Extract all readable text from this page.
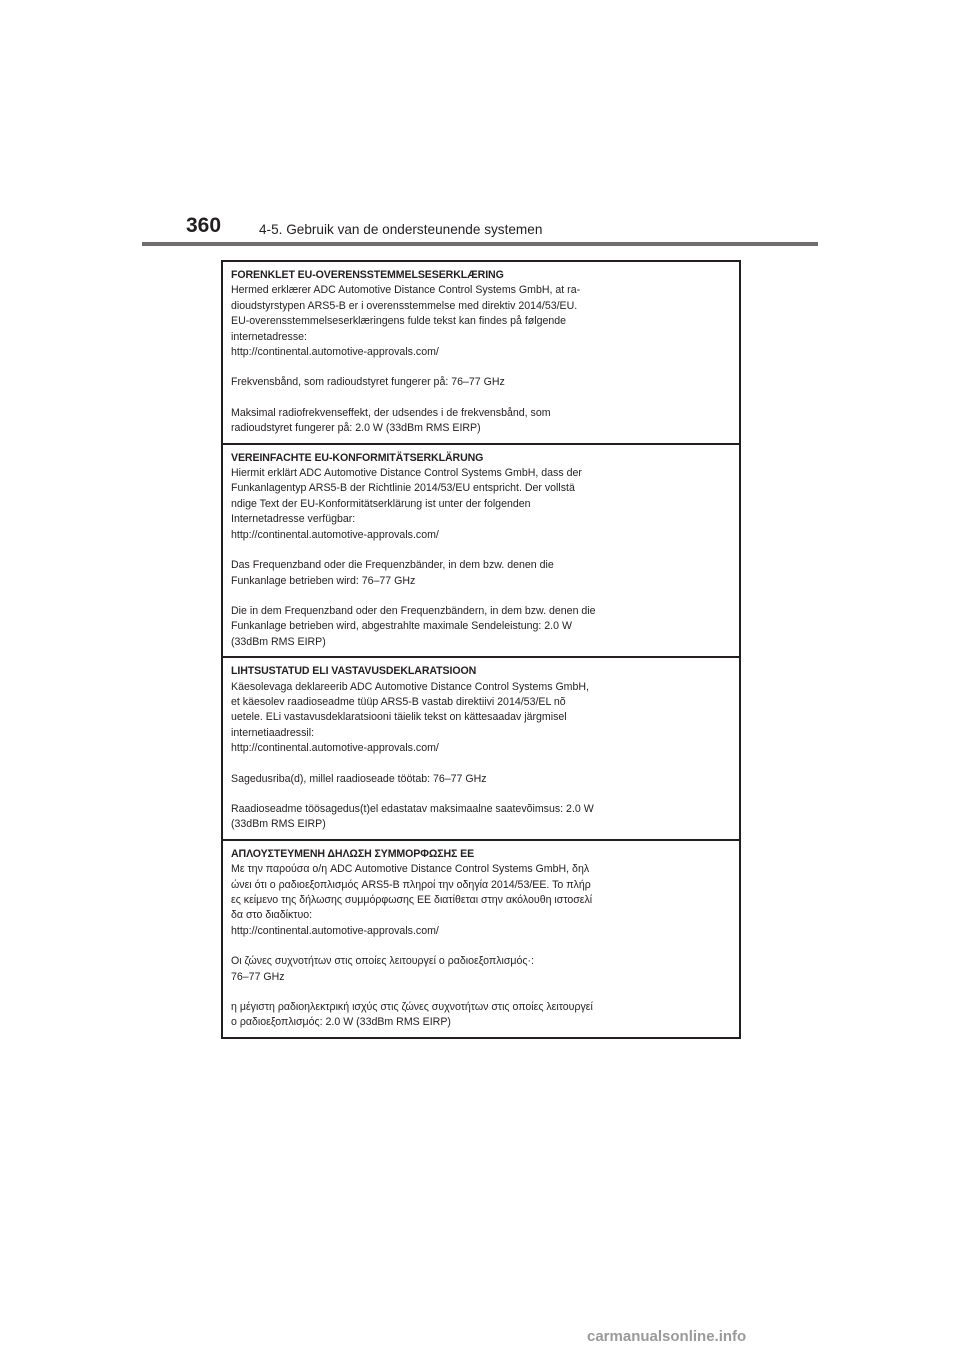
360	4-5. Gebruik van de ondersteunende systemen
FORENKLET EU-OVERENSSTEMMELSESERKLÆRING
Hermed erklærer ADC Automotive Distance Control Systems GmbH, at ra-
dioudstyrstypen ARS5-B er i overensstemmelse med direktiv 2014/53/EU.
EU-overensstemmelseserklæringens fulde tekst kan findes på følgende
internetadresse:
http://continental.automotive-approvals.com/
Frekvensbånd, som radioudstyret fungerer på: 76–77 GHz
Maksimal radiofrekvenseffekt, der udsendes i de frekvensbånd, som
radioudstyret fungerer på: 2.0 W (33dBm RMS EIRP)
VEREINFACHTE EU-KONFORMITÄTSERKLÄRUNG
Hiermit erklärt ADC Automotive Distance Control Systems GmbH, dass der
Funkanlagentyp ARS5-B der Richtlinie 2014/53/EU entspricht. Der vollstä
ndige Text der EU-Konformitätserklärung ist unter der folgenden
Internetadresse verfügbar:
http://continental.automotive-approvals.com/
Das Frequenzband oder die Frequenzbänder, in dem bzw. denen die
Funkanlage betrieben wird: 76–77 GHz
Die in dem Frequenzband oder den Frequenzbändern, in dem bzw. denen die
Funkanlage betrieben wird, abgestrahlte maximale Sendeleistung: 2.0 W
(33dBm RMS EIRP)
LIHTSUSTATUD ELI VASTAVUSDEKLARATSIOON
Käesolevaga deklareerib ADC Automotive Distance Control Systems GmbH,
et käesolev raadioseadme tüüp ARS5-B vastab direktiivi 2014/53/EL nõ
uetele. ELi vastavusdeklaratsiooni täielik tekst on kättesaadav järgmisel
internetiaadressil:
http://continental.automotive-approvals.com/
Sagedusriba(d), millel raadioseade töötab: 76–77 GHz
Raadioseadme töösagedus(t)el edastatav maksimaalne saatevõimsus: 2.0 W
(33dBm RMS EIRP)
ΑΠΛΟΥΣΤΕΥΜΕΝΗ ΔΗΛΩΣΗ ΣΥΜΜΟΡΦΩΣΗΣ ΕΕ
Με την παρούσα ο/η ADC Automotive Distance Control Systems GmbH, δηλ
ώνει ότι ο ραδιοεξοπλισμός ARS5-B πληροί την οδηγία 2014/53/ΕΕ. Το πλήρ
ες κείμενο της δήλωσης συμμόρφωσης ΕΕ διατίθεται στην ακόλουθη ιστοσελί
δα στο διαδίκτυο:
http://continental.automotive-approvals.com/
Οι ζώνες συχνοτήτων στις οποίες λειτουργεί ο ραδιοεξοπλισμός·:
76–77 GHz
η μέγιστη ραδιοηλεκτρική ισχύς στις ζώνες συχνοτήτων στις οποίες λειτουργεί
ο ραδιοεξοπλισμός: 2.0 W (33dBm RMS EIRP)
carmanualsonline.info
